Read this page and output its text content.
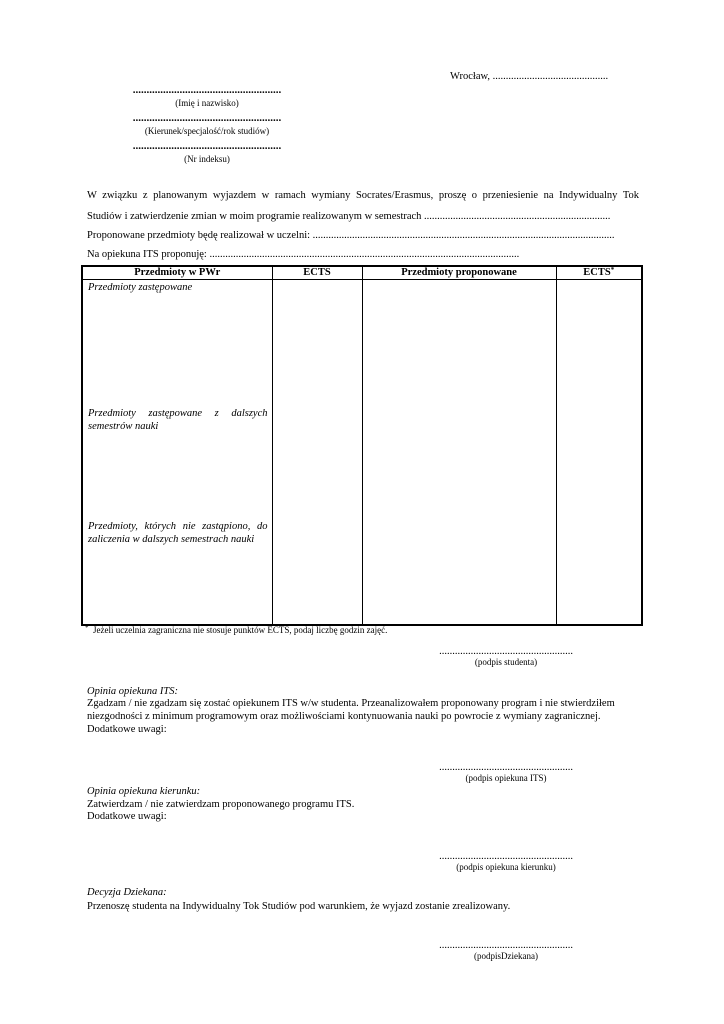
Wrocław, ............................................
......................................................
(Imię i nazwisko)
......................................................
(Kierunek/specjalość/rok studiów)
......................................................
(Nr indeksu)
W związku z planowanym wyjazdem w ramach wymiany Socrates/Erasmus, proszę o przeniesienie na Indywidualny Tok
Studiów i zatwierdzenie zmian w moim programie realizowanym w semestrach .......................................................................
Proponowane przedmioty będę realizował w uczelni: ...................................................................................................................
Na opiekuna ITS proponuję: ......................................................................................................................
Przedmioty w PWr	ECTS	Przedmioty proponowane	ECTS*

Przedmioty zastępowane
Przedmioty zastępowane z dalszych semestrów nauki
Przedmioty, których nie zastąpiono, do zaliczenia w dalszych semestrach nauki			

* Jeżeli uczelnia zagraniczna nie stosuje punktów ECTS, podaj liczbę godzin zajęć.
...................................................
(podpis studenta)
Opinia opiekuna ITS:
Zgadzam / nie zgadzam się zostać opiekunem ITS w/w studenta. Przeanalizowałem proponowany program i nie stwierdziłem niezgodności z minimum programowym oraz możliwościami kontynuowania nauki po powrocie z wymiany zagranicznej.
Dodatkowe uwagi:
...................................................
(podpis opiekuna ITS)
Opinia opiekuna kierunku:
Zatwierdzam / nie zatwierdzam proponowanego programu ITS.
Dodatkowe uwagi:
...................................................
(podpis opiekuna kierunku)
Decyzja Dziekana:
Przenoszę studenta na Indywidualny Tok Studiów pod warunkiem, że wyjazd zostanie zrealizowany.
...................................................
(podpisDziekana)
